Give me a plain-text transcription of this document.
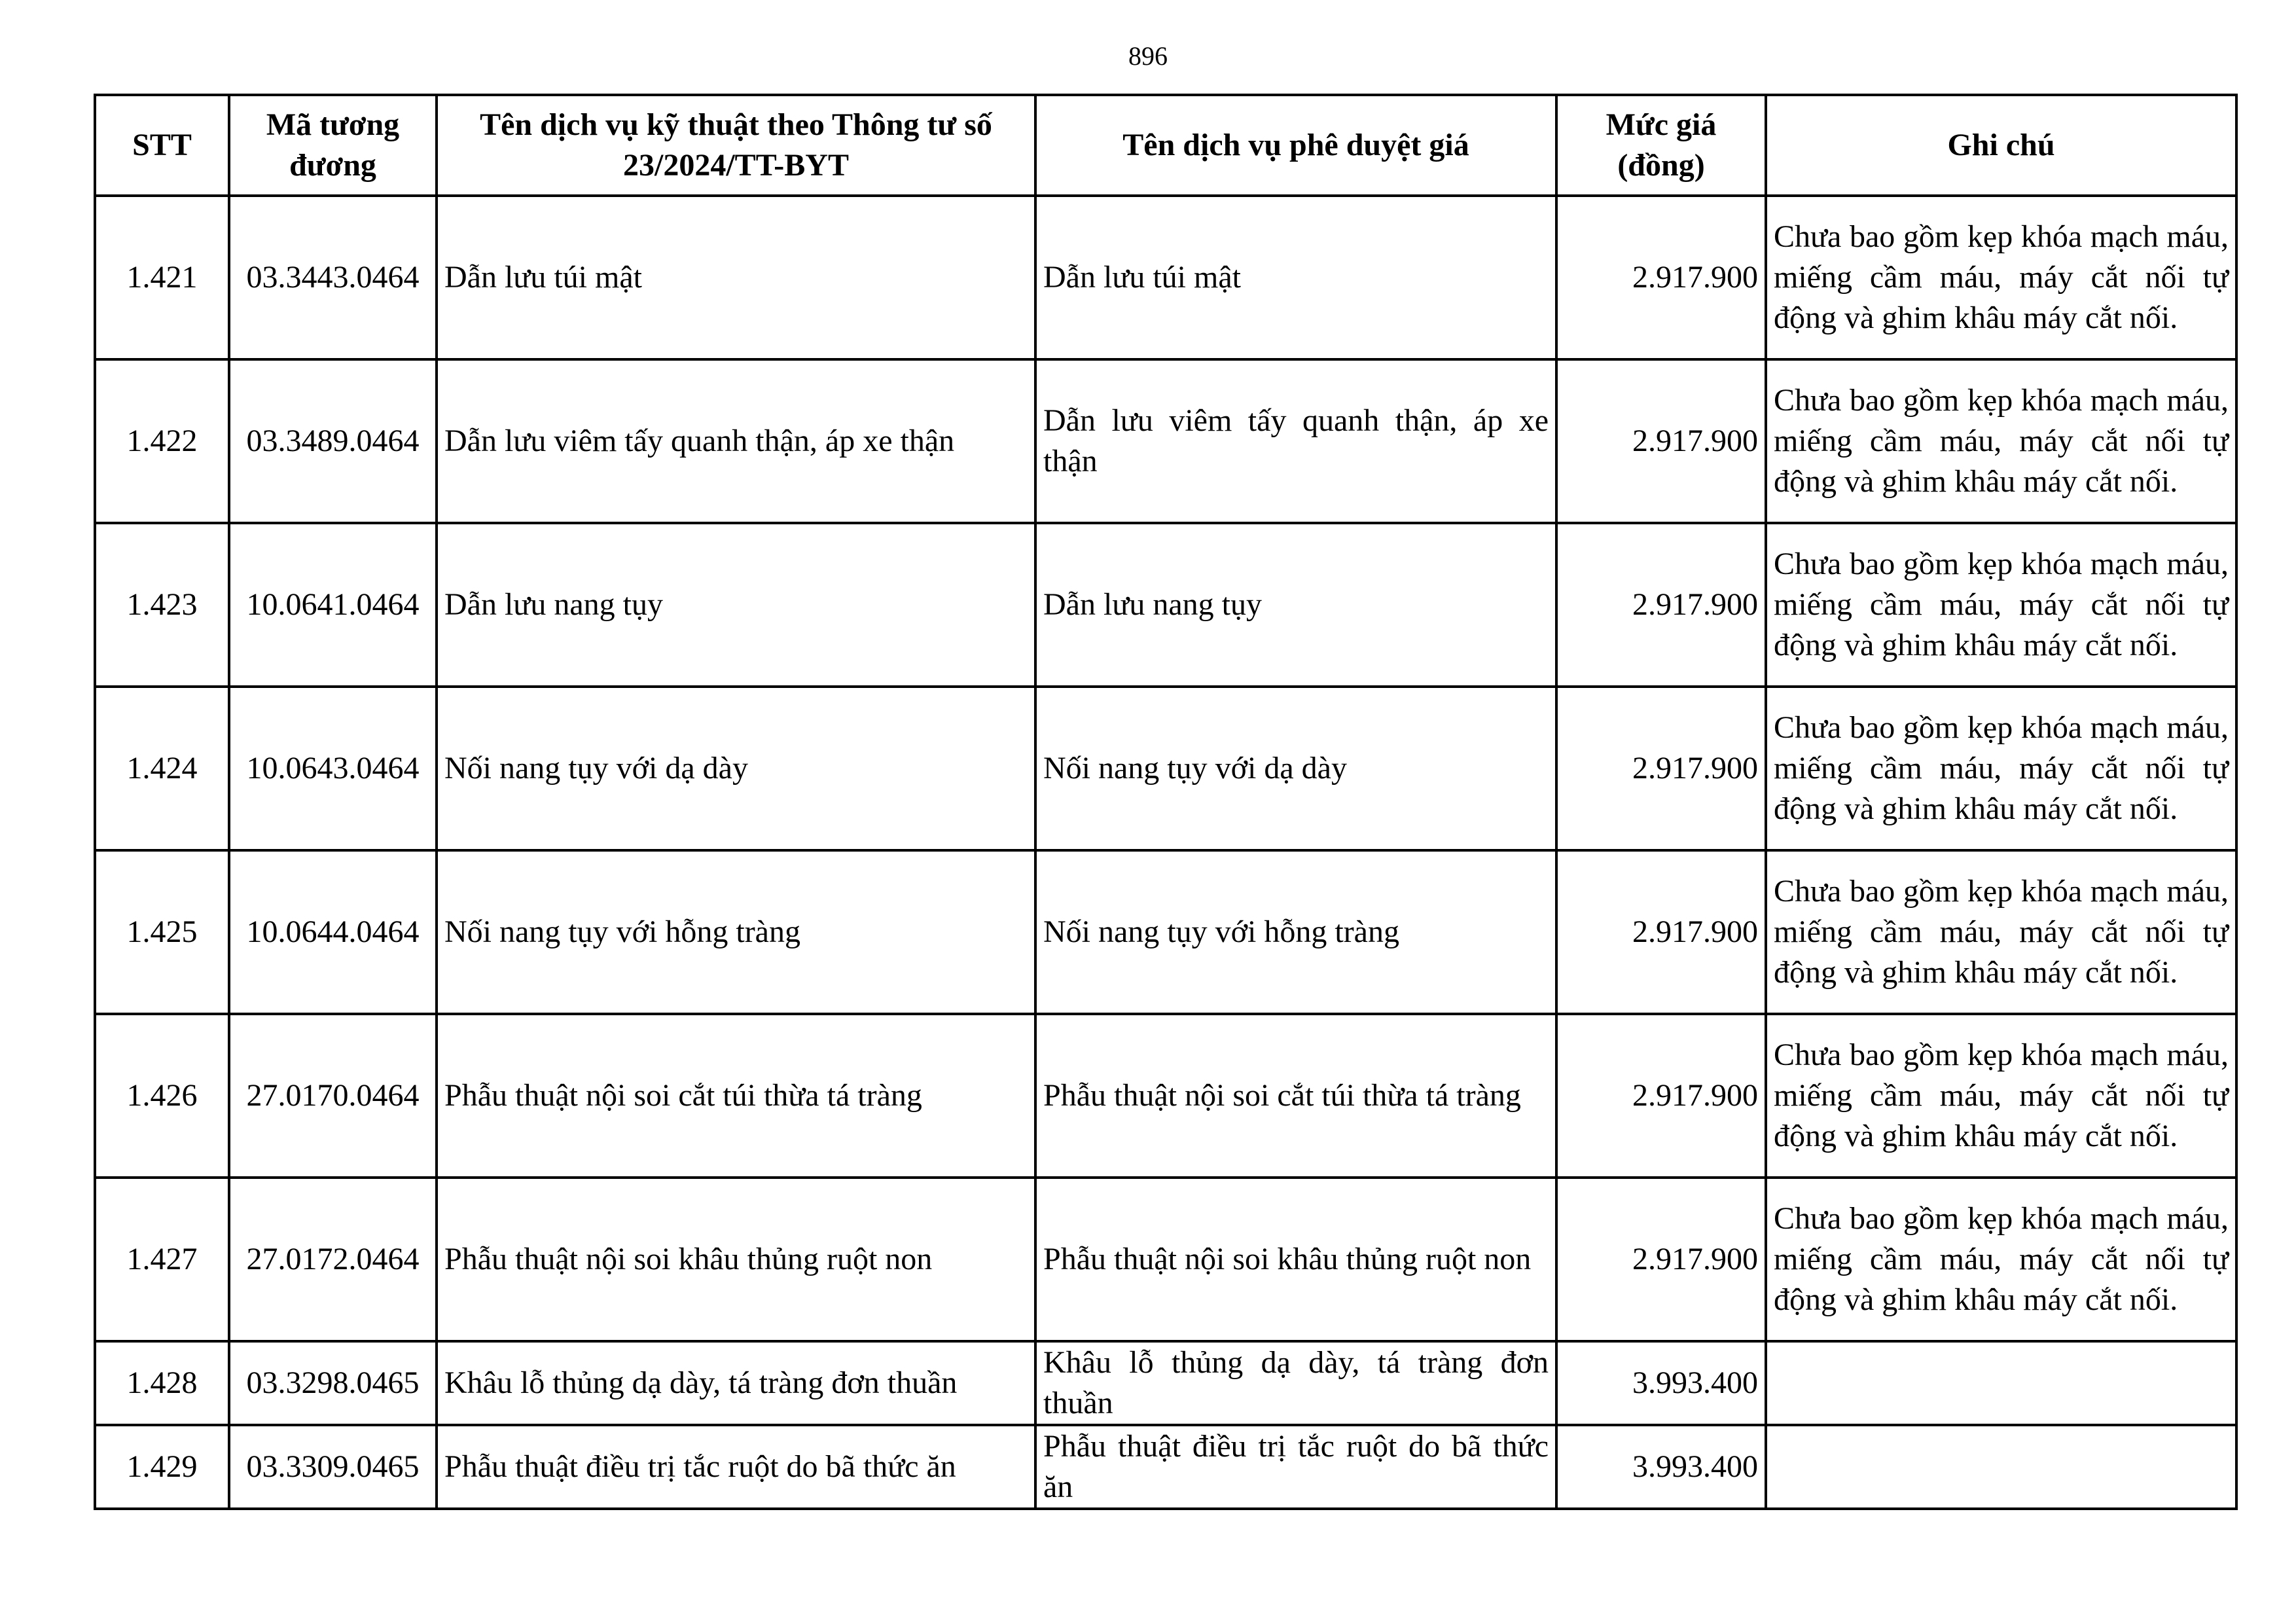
896
STT	Mã tương đương	Tên dịch vụ kỹ thuật theo Thông tư số 23/2024/TT-BYT	Tên dịch vụ phê duyệt giá	Mức giá (đồng)	Ghi chú
1.421	03.3443.0464	Dẫn lưu túi mật	Dẫn lưu túi mật	2.917.900	Chưa bao gồm kẹp khóa mạch máu, miếng cầm máu, máy cắt nối tự động và ghim khâu máy cắt nối.
1.422	03.3489.0464	Dẫn lưu viêm tấy quanh thận, áp xe thận	Dẫn lưu viêm tấy quanh thận, áp xe thận	2.917.900	Chưa bao gồm kẹp khóa mạch máu, miếng cầm máu, máy cắt nối tự động và ghim khâu máy cắt nối.
1.423	10.0641.0464	Dẫn lưu nang tụy	Dẫn lưu nang tụy	2.917.900	Chưa bao gồm kẹp khóa mạch máu, miếng cầm máu, máy cắt nối tự động và ghim khâu máy cắt nối.
1.424	10.0643.0464	Nối nang tụy với dạ dày	Nối nang tụy với dạ dày	2.917.900	Chưa bao gồm kẹp khóa mạch máu, miếng cầm máu, máy cắt nối tự động và ghim khâu máy cắt nối.
1.425	10.0644.0464	Nối nang tụy với hỗng tràng	Nối nang tụy với hỗng tràng	2.917.900	Chưa bao gồm kẹp khóa mạch máu, miếng cầm máu, máy cắt nối tự động và ghim khâu máy cắt nối.
1.426	27.0170.0464	Phẫu thuật nội soi cắt túi thừa tá tràng	Phẫu thuật nội soi cắt túi thừa tá tràng	2.917.900	Chưa bao gồm kẹp khóa mạch máu, miếng cầm máu, máy cắt nối tự động và ghim khâu máy cắt nối.
1.427	27.0172.0464	Phẫu thuật nội soi khâu thủng ruột non	Phẫu thuật nội soi khâu thủng ruột non	2.917.900	Chưa bao gồm kẹp khóa mạch máu, miếng cầm máu, máy cắt nối tự động và ghim khâu máy cắt nối.
1.428	03.3298.0465	Khâu lỗ thủng dạ dày, tá tràng đơn thuần	Khâu lỗ thủng dạ dày, tá tràng đơn thuần	3.993.400	
1.429	03.3309.0465	Phẫu thuật điều trị tắc ruột do bã thức ăn	Phẫu thuật điều trị tắc ruột do bã thức ăn	3.993.400	
